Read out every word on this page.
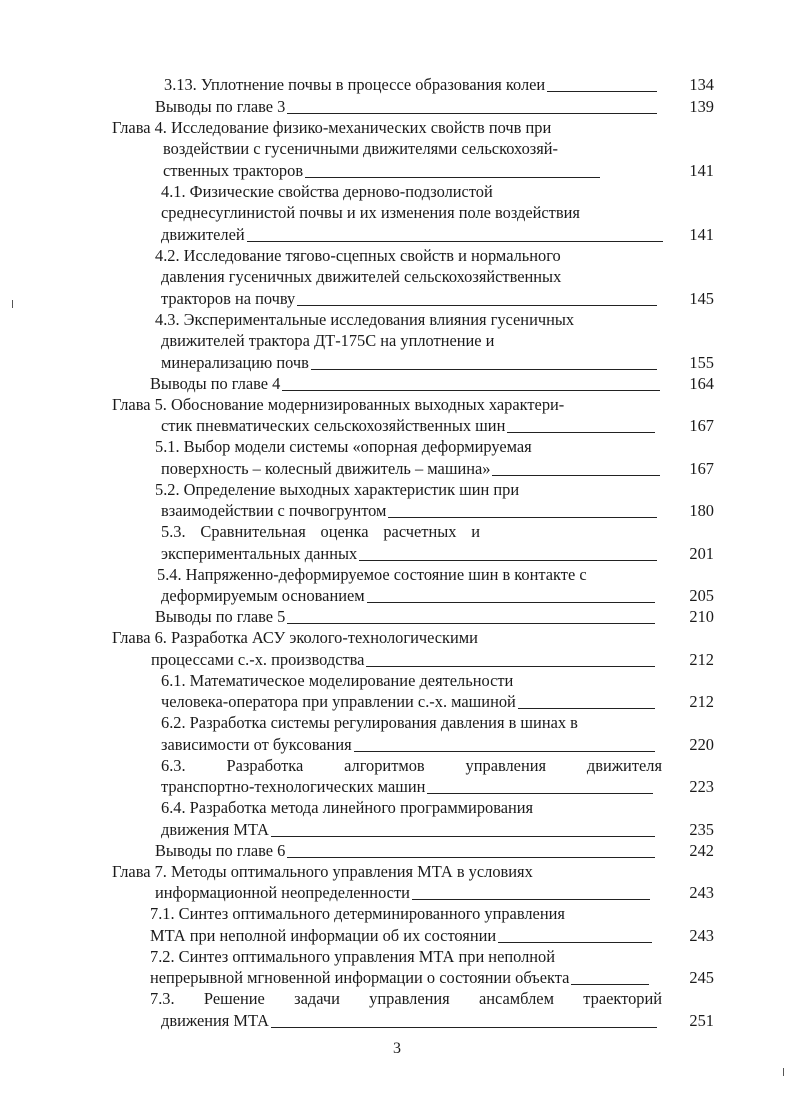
3.13. Уплотнение почвы в процессе образования колеи	134
Выводы по главе 3	139
Глава 4. Исследование физико-механических свойств почв при
воздействии с гусеничными движителями сельскохозяй-
ственных тракторов	141
4.1. Физические свойства дерново-подзолистой
среднесуглинистой почвы и их изменения поле воздействия
движителей	141
4.2. Исследование тягово-сцепных свойств и нормального
давления гусеничных движителей сельскохозяйственных
тракторов на почву	145
4.3. Экспериментальные исследования влияния гусеничных
движителей трактора ДТ-175С на уплотнение и
минерализацию почв	155
Выводы по главе 4	164
Глава 5. Обоснование модернизированных выходных характери-
стик пневматических сельскохозяйственных шин	167
5.1. Выбор модели системы «опорная деформируемая
поверхность – колесный движитель – машина»	167
5.2. Определение выходных характеристик шин при
взаимодействии с почвогрунтом	180
5.3. Сравнительная оценка расчетных и
экспериментальных данных	201
5.4. Напряженно-деформируемое состояние шин в контакте с
деформируемым основанием	205
Выводы по главе 5	210
Глава 6. Разработка АСУ эколого-технологическими
процессами с.-х. производства	212
6.1. Математическое моделирование деятельности
человека-оператора при управлении с.-х. машиной	212
6.2. Разработка системы регулирования давления в шинах в
зависимости от буксования	220
6.3. Разработка алгоритмов управления движителя
транспортно-технологических машин	223
6.4. Разработка метода линейного программирования
движения МТА	235
Выводы по главе 6	242
Глава 7. Методы оптимального управления МТА в условиях
информационной неопределенности	243
7.1. Синтез оптимального детерминированного управления
МТА при неполной информации об их состоянии	243
7.2. Синтез оптимального управления МТА при неполной
непрерывной мгновенной информации о состоянии объекта	245
7.3. Решение задачи управления ансамблем траекторий
движения МТА	251
3
